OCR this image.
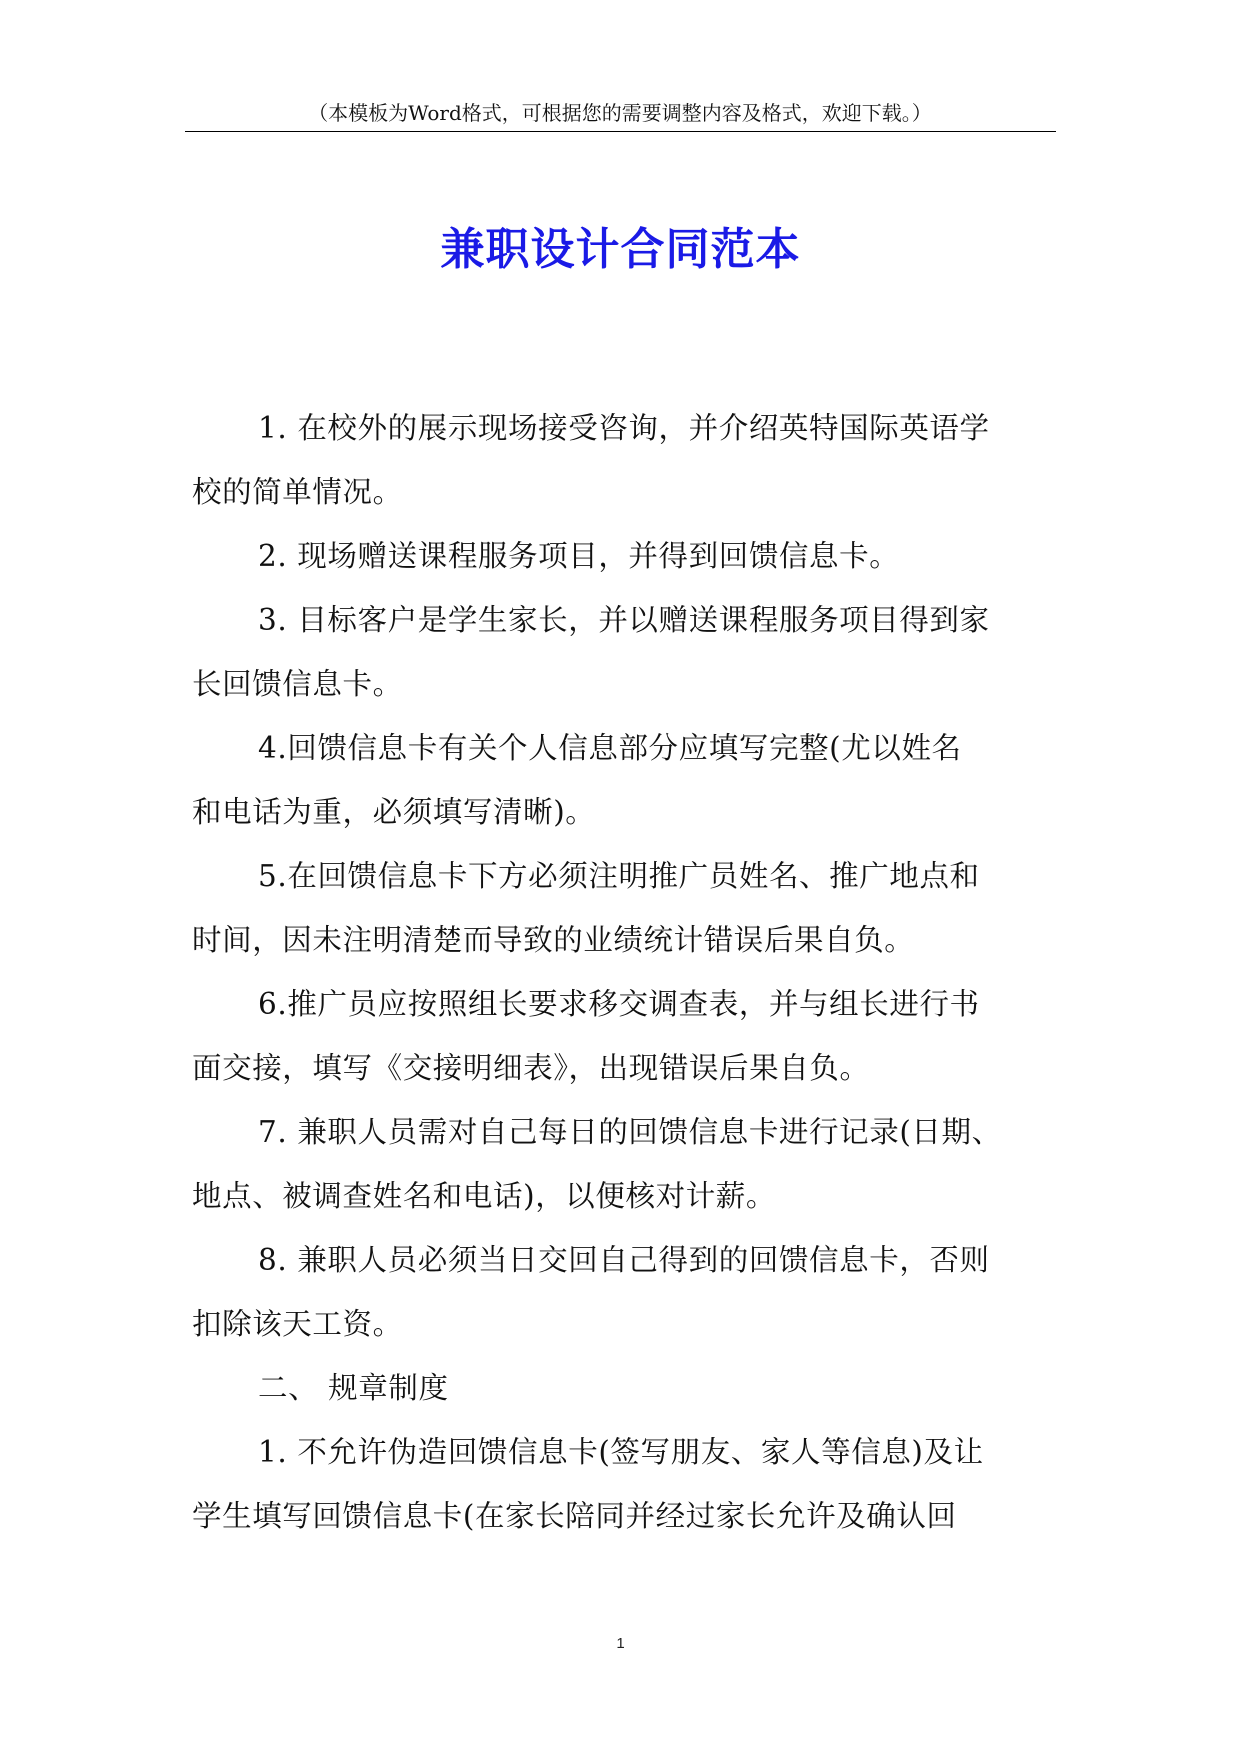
（本模板为Word格式，可根据您的需要调整内容及格式，欢迎下载。）
兼职设计合同范本

1. 在校外的展示现场接受咨询，并介绍英特国际英语学
校的简单情况。

2. 现场赠送课程服务项目，并得到回馈信息卡。

3. 目标客户是学生家长，并以赠送课程服务项目得到家
长回馈信息卡。

4.回馈信息卡有关个人信息部分应填写完整(尤以姓名
和电话为重，必须填写清晰)。

5.在回馈信息卡下方必须注明推广员姓名、推广地点和
时间，因未注明清楚而导致的业绩统计错误后果自负。

6.推广员应按照组长要求移交调查表，并与组长进行书
面交接，填写《交接明细表》，出现错误后果自负。

7. 兼职人员需对自己每日的回馈信息卡进行记录(日期、
地点、被调查姓名和电话)，以便核对计薪。

8. 兼职人员必须当日交回自己得到的回馈信息卡，否则
扣除该天工资。

二、 规章制度

1. 不允许伪造回馈信息卡(签写朋友、家人等信息)及让
学生填写回馈信息卡(在家长陪同并经过家长允许及确认回

1
